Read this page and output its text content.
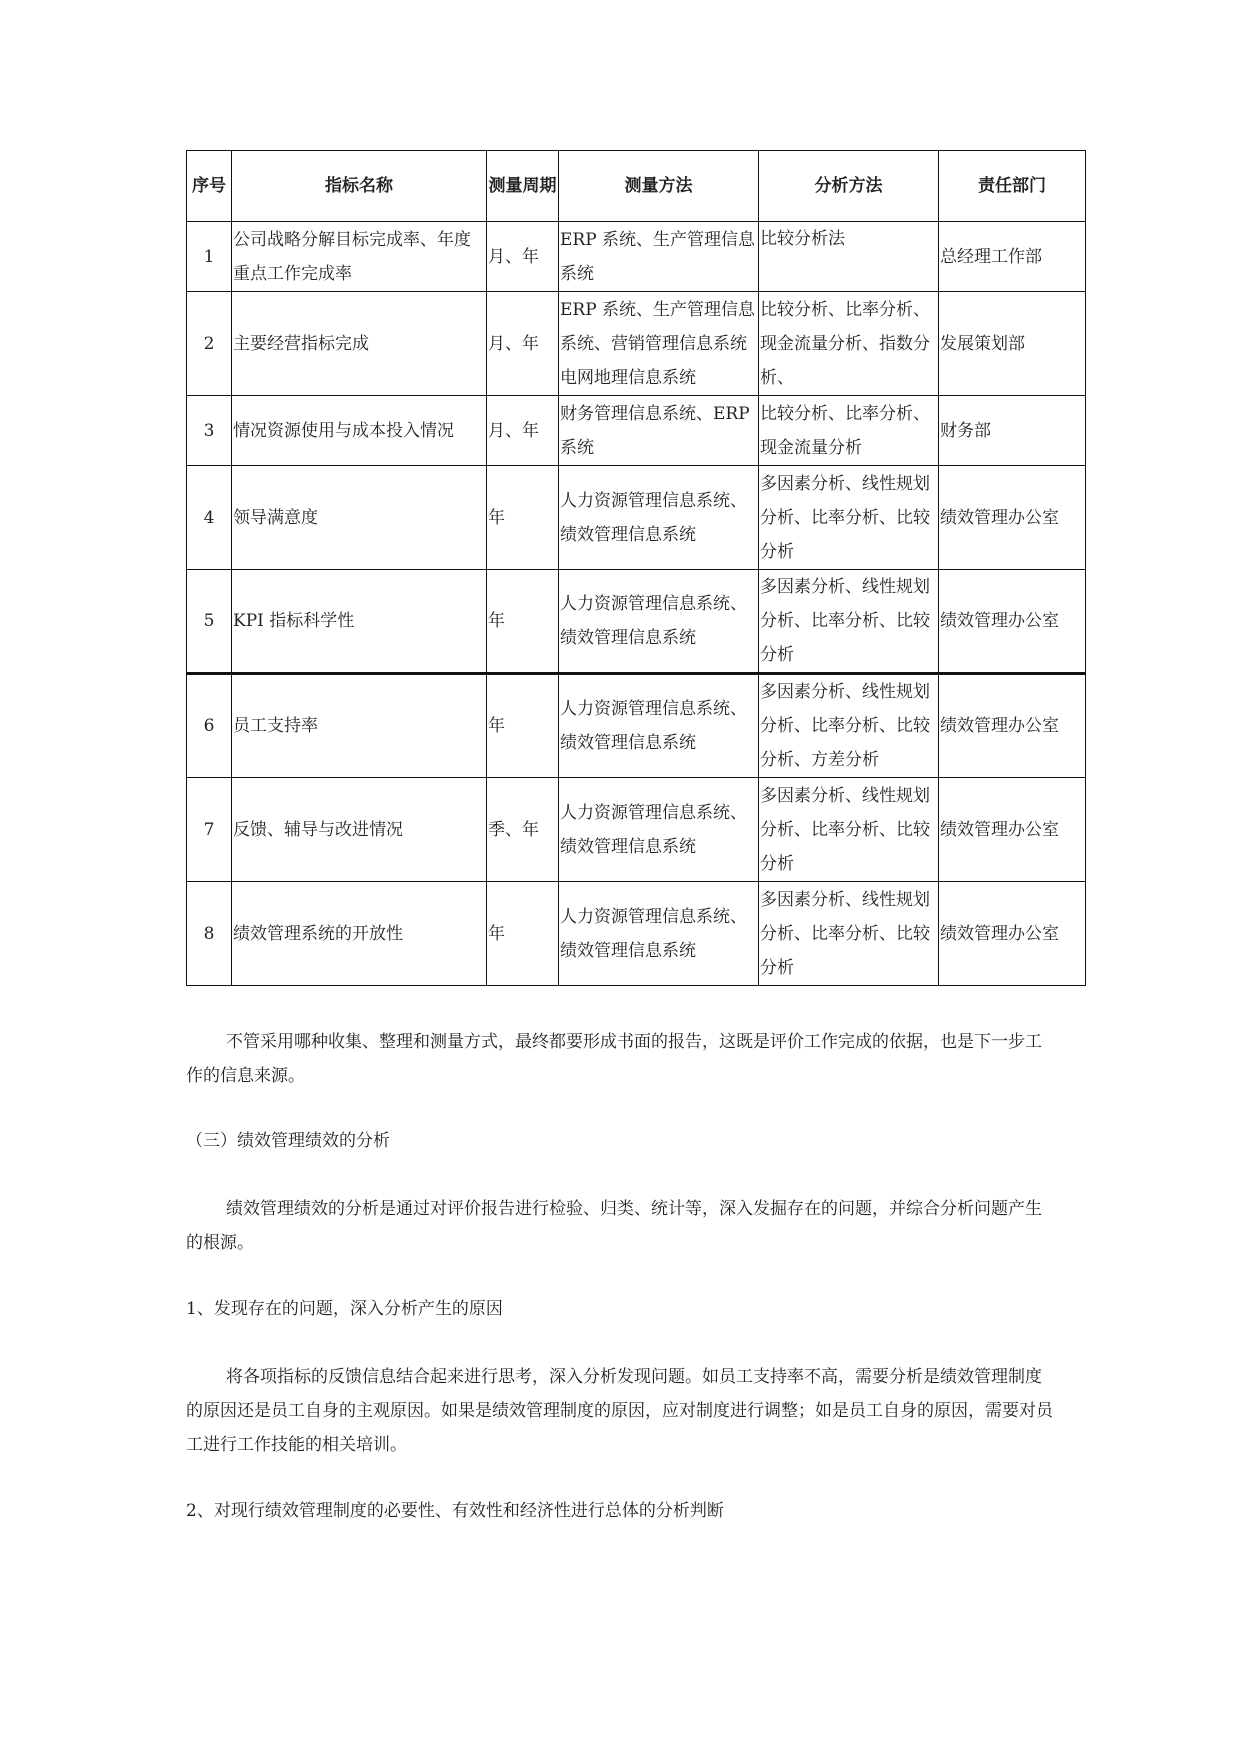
序号	指标名称	测量周期	测量方法	分析方法	责任部门
1	公司战略分解目标完成率、年度重点工作完成率	月、年	ERP 系统、生产管理信息系统	比较分析法	总经理工作部
2	主要经营指标完成	月、年	ERP 系统、生产管理信息系统、营销管理信息系统电网地理信息系统	比较分析、比率分析、现金流量分析、指数分析、	发展策划部
3	情况资源使用与成本投入情况	月、年	财务管理信息系统、ERP 系统	比较分析、比率分析、现金流量分析	财务部
4	领导满意度	年	人力资源管理信息系统、绩效管理信息系统	多因素分析、线性规划分析、比率分析、比较分析	绩效管理办公室
5	KPI 指标科学性	年	人力资源管理信息系统、绩效管理信息系统	多因素分析、线性规划分析、比率分析、比较分析	绩效管理办公室
6	员工支持率	年	人力资源管理信息系统、绩效管理信息系统	多因素分析、线性规划分析、比率分析、比较分析、方差分析	绩效管理办公室
7	反馈、辅导与改进情况	季、年	人力资源管理信息系统、绩效管理信息系统	多因素分析、线性规划分析、比率分析、比较分析	绩效管理办公室
8	绩效管理系统的开放性	年	人力资源管理信息系统、绩效管理信息系统	多因素分析、线性规划分析、比率分析、比较分析	绩效管理办公室

不管采用哪种收集、整理和测量方式，最终都要形成书面的报告，这既是评价工作完成的依据，也是下一步工作的信息来源。

（三）绩效管理绩效的分析

绩效管理绩效的分析是通过对评价报告进行检验、归类、统计等，深入发掘存在的问题，并综合分析问题产生的根源。

1、发现存在的问题，深入分析产生的原因

将各项指标的反馈信息结合起来进行思考，深入分析发现问题。如员工支持率不高，需要分析是绩效管理制度的原因还是员工自身的主观原因。如果是绩效管理制度的原因，应对制度进行调整；如是员工自身的原因，需要对员工进行工作技能的相关培训。

2、对现行绩效管理制度的必要性、有效性和经济性进行总体的分析判断
